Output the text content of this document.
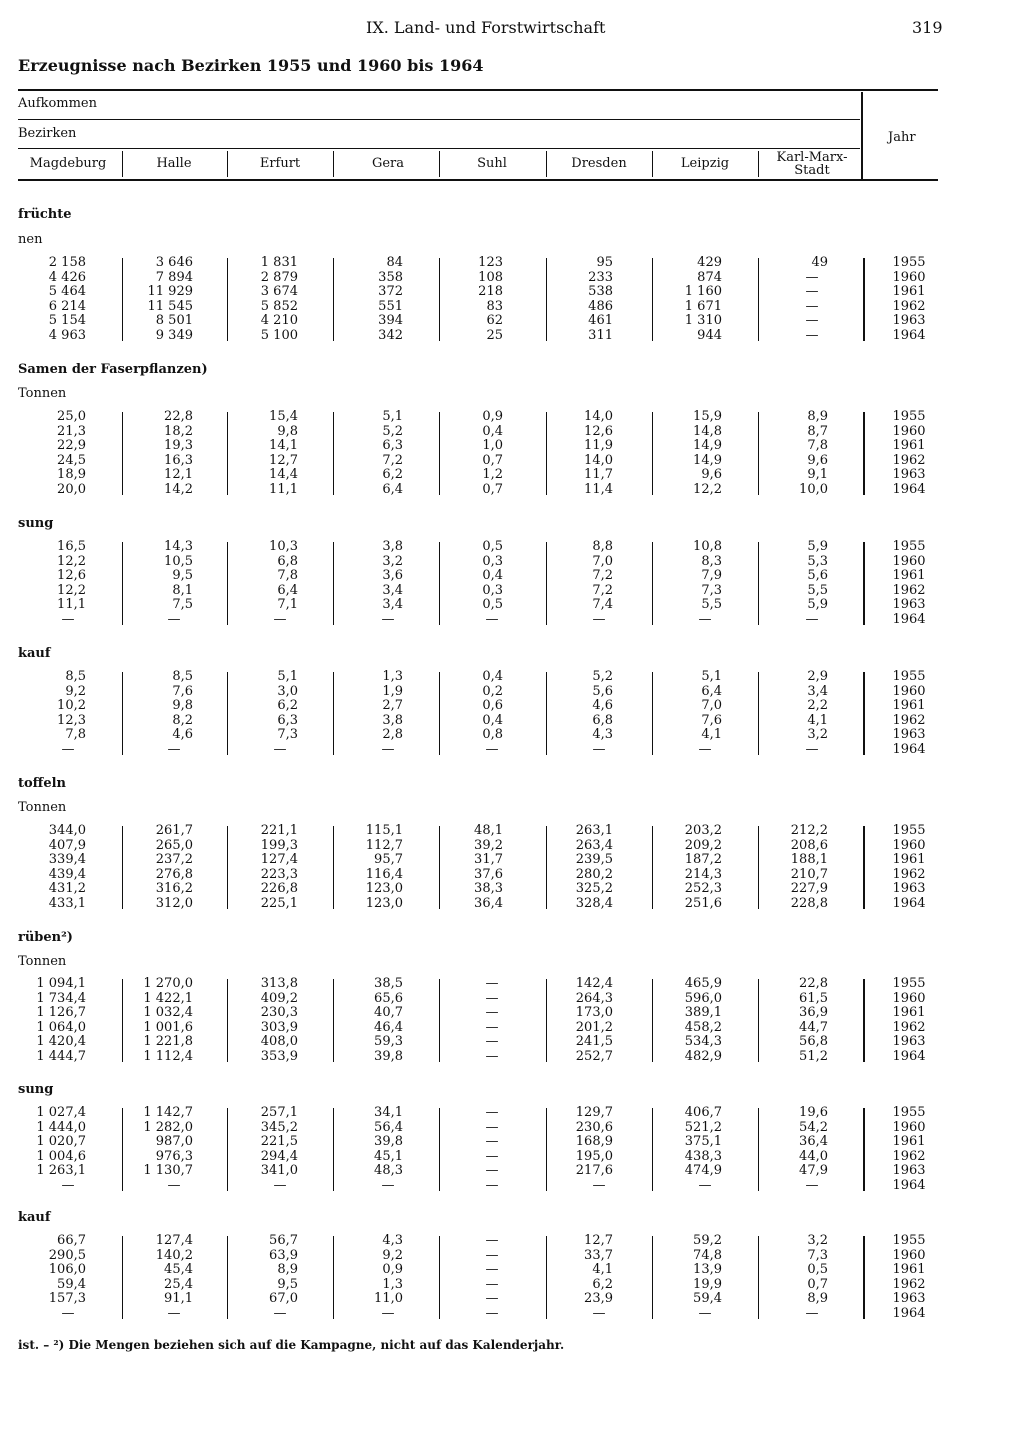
IX. Land- und Forstwirtschaft	319
Erzeugnisse nach Bezirken 1955 und 1960 bis 1964
Aufkommen
Bezirken	Jahr
Magdeburg	Halle	Erfurt	Gera	Suhl	Dresden	Leipzig	Karl-Marx-
Stadt
früchte
nen
2 158	3 646	1 831	84	123	95	429	49	1955
4 426	7 894	2 879	358	108	233	874	—	1960
5 464	11 929	3 674	372	218	538	1 160	—	1961
6 214	11 545	5 852	551	83	486	1 671	—	1962
5 154	8 501	4 210	394	62	461	1 310	—	1963
4 963	9 349	5 100	342	25	311	944	—	1964
Samen der Faserpflanzen)
Tonnen
25,0	22,8	15,4	5,1	0,9	14,0	15,9	8,9	1955
21,3	18,2	9,8	5,2	0,4	12,6	14,8	8,7	1960
22,9	19,3	14,1	6,3	1,0	11,9	14,9	7,8	1961
24,5	16,3	12,7	7,2	0,7	14,0	14,9	9,6	1962
18,9	12,1	14,4	6,2	1,2	11,7	9,6	9,1	1963
20,0	14,2	11,1	6,4	0,7	11,4	12,2	10,0	1964
sung
16,5	14,3	10,3	3,8	0,5	8,8	10,8	5,9	1955
12,2	10,5	6,8	3,2	0,3	7,0	8,3	5,3	1960
12,6	9,5	7,8	3,6	0,4	7,2	7,9	5,6	1961
12,2	8,1	6,4	3,4	0,3	7,2	7,3	5,5	1962
11,1	7,5	7,1	3,4	0,5	7,4	5,5	5,9	1963
—	—	—	—	—	—	—	—	1964
kauf
8,5	8,5	5,1	1,3	0,4	5,2	5,1	2,9	1955
9,2	7,6	3,0	1,9	0,2	5,6	6,4	3,4	1960
10,2	9,8	6,2	2,7	0,6	4,6	7,0	2,2	1961
12,3	8,2	6,3	3,8	0,4	6,8	7,6	4,1	1962
7,8	4,6	7,3	2,8	0,8	4,3	4,1	3,2	1963
—	—	—	—	—	—	—	—	1964
toffeln
Tonnen
344,0	261,7	221,1	115,1	48,1	263,1	203,2	212,2	1955
407,9	265,0	199,3	112,7	39,2	263,4	209,2	208,6	1960
339,4	237,2	127,4	95,7	31,7	239,5	187,2	188,1	1961
439,4	276,8	223,3	116,4	37,6	280,2	214,3	210,7	1962
431,2	316,2	226,8	123,0	38,3	325,2	252,3	227,9	1963
433,1	312,0	225,1	123,0	36,4	328,4	251,6	228,8	1964
rüben²)
Tonnen
1 094,1	1 270,0	313,8	38,5	—	142,4	465,9	22,8	1955
1 734,4	1 422,1	409,2	65,6	—	264,3	596,0	61,5	1960
1 126,7	1 032,4	230,3	40,7	—	173,0	389,1	36,9	1961
1 064,0	1 001,6	303,9	46,4	—	201,2	458,2	44,7	1962
1 420,4	1 221,8	408,0	59,3	—	241,5	534,3	56,8	1963
1 444,7	1 112,4	353,9	39,8	—	252,7	482,9	51,2	1964
sung
1 027,4	1 142,7	257,1	34,1	—	129,7	406,7	19,6	1955
1 444,0	1 282,0	345,2	56,4	—	230,6	521,2	54,2	1960
1 020,7	987,0	221,5	39,8	—	168,9	375,1	36,4	1961
1 004,6	976,3	294,4	45,1	—	195,0	438,3	44,0	1962
1 263,1	1 130,7	341,0	48,3	—	217,6	474,9	47,9	1963
—	—	—	—	—	—	—	—	1964
kauf
66,7	127,4	56,7	4,3	—	12,7	59,2	3,2	1955
290,5	140,2	63,9	9,2	—	33,7	74,8	7,3	1960
106,0	45,4	8,9	0,9	—	4,1	13,9	0,5	1961
59,4	25,4	9,5	1,3	—	6,2	19,9	0,7	1962
157,3	91,1	67,0	11,0	—	23,9	59,4	8,9	1963
—	—	—	—	—	—	—	—	1964
ist. – ²) Die Mengen beziehen sich auf die Kampagne, nicht auf das Kalenderjahr.
